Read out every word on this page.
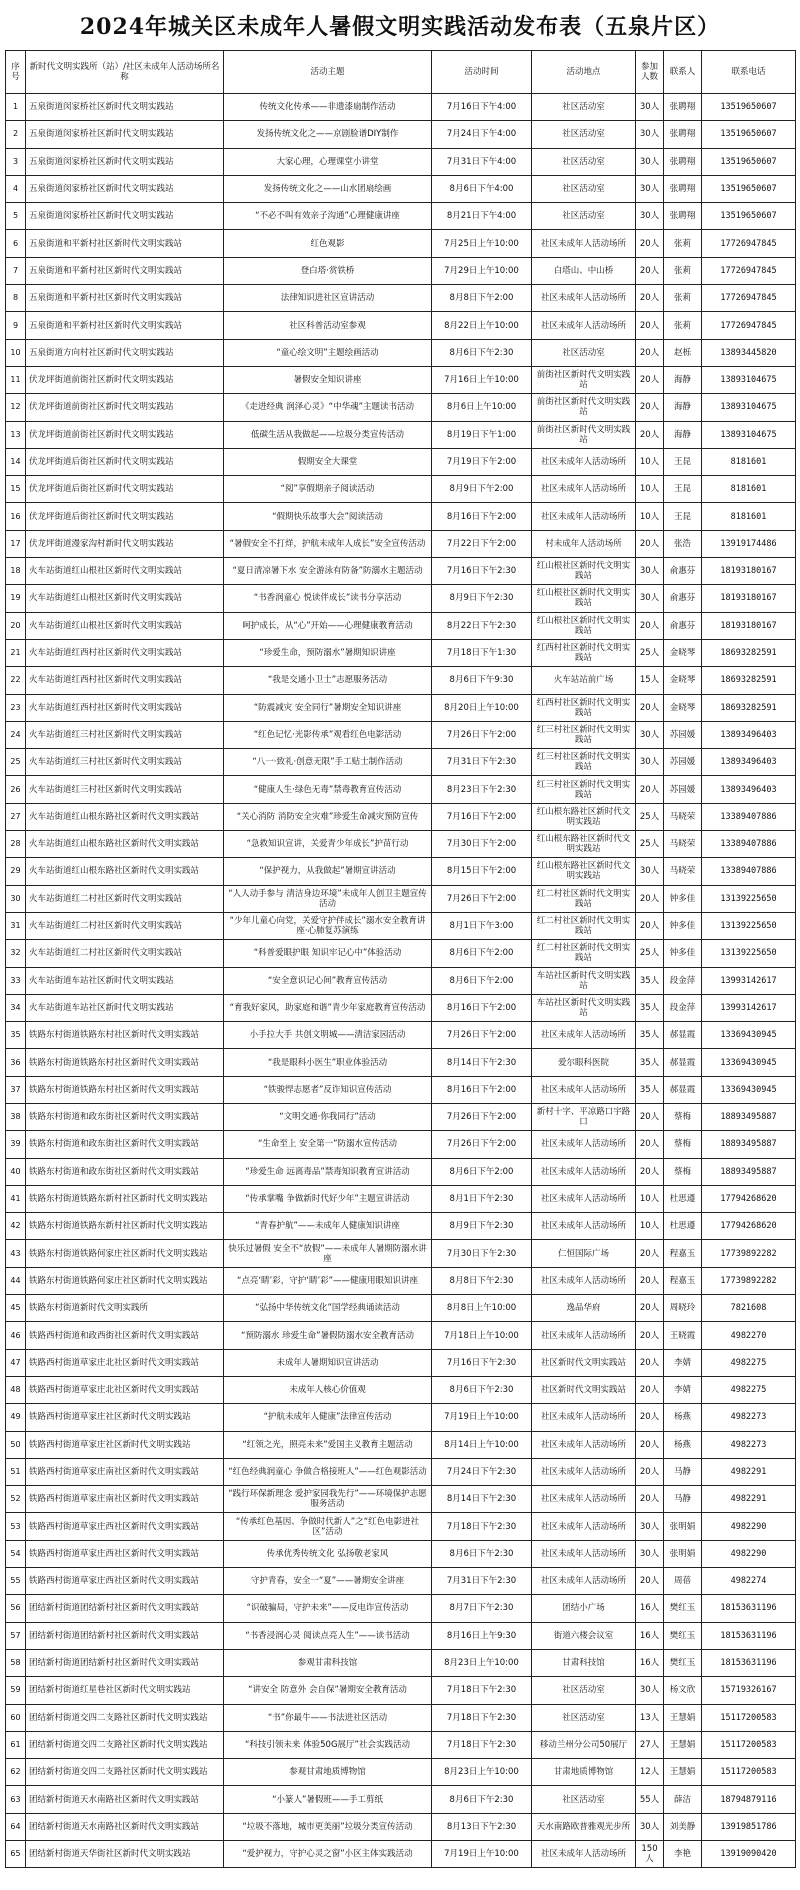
2024年城关区未成年人暑假文明实践活动发布表（五泉片区）
序号	新时代文明实践所（站）/社区未成年人活动场所名称	活动主题	活动时间	活动地点	参加人数	联系人	联系电话
1	五泉街道闵家桥社区新时代文明实践站	传统文化传承——非遗漆扇制作活动	7月16日下午4:00	社区活动室	30人	张聘翔	13519650607
2	五泉街道闵家桥社区新时代文明实践站	发扬传统文化之——京剧脸谱DIY制作	7月24日下午4:00	社区活动室	30人	张聘翔	13519650607
3	五泉街道闵家桥社区新时代文明实践站	大家心理，心理课堂小讲堂	7月31日下午4:00	社区活动室	30人	张聘翔	13519650607
4	五泉街道闵家桥社区新时代文明实践站	发扬传统文化之——山水团扇绘画	8月6日下午4:00	社区活动室	30人	张聘翔	13519650607
5	五泉街道闵家桥社区新时代文明实践站	“不必不叫有效亲子沟通”心理健康讲座	8月21日下午4:00	社区活动室	30人	张聘翔	13519650607
6	五泉街道和平新村社区新时代文明实践站	红色观影	7月25日上午10:00	社区未成年人活动场所	20人	张莉	17726947845
7	五泉街道和平新村社区新时代文明实践站	登白塔·赏铁桥	7月29日上午10:00	白塔山、中山桥	20人	张莉	17726947845
8	五泉街道和平新村社区新时代文明实践站	法律知识进社区宣讲活动	8月8日下午2:00	社区未成年人活动场所	20人	张莉	17726947845
9	五泉街道和平新村社区新时代文明实践站	社区科普活动室参观	8月22日上午10:00	社区未成年人活动场所	20人	张莉	17726947845
10	五泉街道方向村社区新时代文明实践站	“童心绘文明”主题绘画活动	8月6日下午2:30	社区活动室	20人	赵栎	13893445820
11	伏龙坪街道前街社区新时代文明实践站	暑假安全知识讲座	7月16日上午10:00	前街社区新时代文明实践站	20人	海静	13893104675
12	伏龙坪街道前街社区新时代文明实践站	《走进经典 润泽心灵》“中华魂”主题读书活动	8月6日上午10:00	前街社区新时代文明实践站	20人	海静	13893104675
13	伏龙坪街道前街社区新时代文明实践站	低碳生活从我做起——垃圾分类宣传活动	8月19日下午1:00	前街社区新时代文明实践站	20人	海静	13893104675
14	伏龙坪街道后街社区新时代文明实践站	假期安全大课堂	7月19日下午2:00	社区未成年人活动场所	10人	王昆	8181601
15	伏龙坪街道后街社区新时代文明实践站	“阅”享假期亲子阅读活动	8月9日下午2:00	社区未成年人活动场所	10人	王昆	8181601
16	伏龙坪街道后街社区新时代文明实践站	“假期快乐故事大会”阅读活动	8月16日下午2:00	社区未成年人活动场所	10人	王昆	8181601
17	伏龙坪街道漫家沟村新时代文明实践站	“暑假安全不打烊，护航未成年人成长”安全宣传活动	7月22日下午2:00	村未成年人活动场所	20人	张浩	13919174486
18	火车站街道红山根社区新时代文明实践站	“夏日清凉暑下水 安全游泳有防备”防溺水主题活动	7月16日下午2:30	红山根社区新时代文明实践站	30人	俞惠芬	18193180167
19	火车站街道红山根社区新时代文明实践站	“书香润童心 悦读伴成长”读书分享活动	8月9日下午2:30	红山根社区新时代文明实践站	30人	俞惠芬	18193180167
20	火车站街道红山根社区新时代文明实践站	呵护成长，从“心”开始——心理健康教育活动	8月22日下午2:30	红山根社区新时代文明实践站	20人	俞惠芬	18193180167
21	火车站街道红西村社区新时代文明实践站	“珍爱生命，预防溺水”暑期知识讲座	7月18日下午1:30	红西村社区新时代文明实践站	25人	金晓琴	18693282591
22	火车站街道红西村社区新时代文明实践站	“我是交通小卫士”志愿服务活动	8月6日下午9:30	火车站站前广场	15人	金晓琴	18693282591
23	火车站街道红西村社区新时代文明实践站	“防震减灾 安全同行”暑期安全知识讲座	8月20日上午10:00	红西村社区新时代文明实践站	20人	金晓琴	18693282591
24	火车站街道红三村社区新时代文明实践站	“红色记忆·光影传承”观看红色电影活动	7月26日下午2:00	红三村社区新时代文明实践站	30人	苏园媛	13893496403
25	火车站街道红三村社区新时代文明实践站	“八一·致礼·创意无限”手工贴士制作活动	7月31日下午2:30	红三村社区新时代文明实践站	30人	苏园媛	13893496403
26	火车站街道红三村社区新时代文明实践站	“健康人生·绿色无毒”禁毒教育宣传活动	8月23日下午2:30	红三村社区新时代文明实践站	20人	苏园媛	13893496403
27	火车站街道红山根东路社区新时代文明实践站	“关心消防 消防安全灾难”珍爱生命减灾预防宣传	7月16日下午2:00	红山根东路社区新时代文明实践站	25人	马晓荣	13389407886
28	火车站街道红山根东路社区新时代文明实践站	“急救知识宣讲，关爱青少年成长”护苗行动	7月30日下午2:00	红山根东路社区新时代文明实践站	25人	马晓荣	13389407886
29	火车站街道红山根东路社区新时代文明实践站	“保护视力，从我做起”暑期宣讲活动	8月15日下午2:00	红山根东路社区新时代文明实践站	30人	马晓荣	13389407886
30	火车站街道红二村社区新时代文明实践站	“人人动手参与 清洁身边环境”未成年人创卫主题宣传活动	7月26日下午2:00	红二村社区新时代文明实践站	20人	钟多佳	13139225650
31	火车站街道红二村社区新时代文明实践站	“少年儿童心向党，关爱守护伴成长”溺水安全教育讲座·心肺复苏演练	8月1日下午3:00	红二村社区新时代文明实践站	20人	钟多佳	13139225650
32	火车站街道红二村社区新时代文明实践站	“科普爱眼护眼 知识牢记心中”体验活动	8月6日下午2:00	红二村社区新时代文明实践站	25人	钟多佳	13139225650
33	火车站街道车站社区新时代文明实践站	“安全意识记心间”教育宣传活动	8月6日下午2:00	车站社区新时代文明实践站	35人	段金萍	13993142617
34	火车站街道车站社区新时代文明实践站	“育我好家风，助家庭和谐”青少年家庭教育宣传活动	8月16日下午2:00	车站社区新时代文明实践站	35人	段金萍	13993142617
35	铁路东村街道铁路东村社区新时代文明实践站	小手拉大手 共创文明城——清洁家园活动	7月26日下午2:00	社区未成年人活动场所	35人	郝显霞	13369430945
36	铁路东村街道铁路东村社区新时代文明实践站	“我是眼科小医生”职业体验活动	8月14日下午2:30	爱尔眼科医院	35人	郝显霞	13369430945
37	铁路东村街道铁路东村社区新时代文明实践站	“铁骏悍志愿者”反诈知识宣传活动	8月16日下午2:00	社区未成年人活动场所	35人	郝显霞	13369430945
38	铁路东村街道和政东街社区新时代文明实践站	“文明交通·你我同行”活动	7月26日下午2:00	新村十字、平凉路口宇路口	20人	蔡梅	18893495887
39	铁路东村街道和政东街社区新时代文明实践站	“生命至上 安全第一”防溺水宣传活动	7月26日下午2:00	社区未成年人活动场所	20人	蔡梅	18893495887
40	铁路东村街道和政东街社区新时代文明实践站	“珍爱生命 远离毒品”禁毒知识教育宣讲活动	8月6日下午2:00	社区未成年人活动场所	20人	蔡梅	18893495887
41	铁路东村街道铁路东新村社区新时代文明实践站	“传承掌嘴 争做新时代好少年”主题宣讲活动	8月1日下午2:30	社区未成年人活动场所	10人	杜思遵	17794268620
42	铁路东村街道铁路东新村社区新时代文明实践站	“青春护航”——未成年人健康知识讲座	8月9日下午2:30	社区未成年人活动场所	10人	杜思遵	17794268620
43	铁路东村街道铁路何家庄社区新时代文明实践站	快乐过暑假 安全不“放假”——未成年人暑期防溺水讲座	7月30日下午2:30	仁恒国际广场	20人	程嘉玉	17739892282
44	铁路东村街道铁路何家庄社区新时代文明实践站	“点亮‘睛’彩，守护‘睛’彩”——健康用眼知识讲座	8月8日下午2:30	社区未成年人活动场所	20人	程嘉玉	17739892282
45	铁路东村街道新时代文明实践所	“弘扬中华传统文化”国学经典诵读活动	8月8日上午10:00	逸品华府	20人	周晓玲	7821608
46	铁路西村街道和政西街社区新时代文明实践站	“预防溺水 珍爱生命”暑假防溺水安全教育活动	7月18日上午10:00	社区未成年人活动场所	20人	王晓霞	4982270
47	铁路西村街道草家庄北社区新时代文明实践站	未成年人暑期知识宣讲活动	7月16日下午2:30	社区新时代文明实践站	20人	李婧	4982275
48	铁路西村街道草家庄北社区新时代文明实践站	未成年人核心价值观	8月6日下午2:30	社区新时代文明实践站	20人	李婧	4982275
49	铁路西村街道草家庄社区新时代文明实践站	“护航未成年人健康”法律宣传活动	7月19日上午10:00	社区未成年人活动场所	20人	杨燕	4982273
50	铁路西村街道草家庄社区新时代文明实践站	“红领之光，照亮未来”爱国主义教育主题活动	8月14日上午10:00	社区未成年人活动场所	20人	杨燕	4982273
51	铁路西村街道草家庄南社区新时代文明实践站	“红色经典润童心 争做合格接班人”——红色观影活动	7月24日下午2:30	社区未成年人活动场所	20人	马静	4982291
52	铁路西村街道草家庄南社区新时代文明实践站	“践行环保新理念 爱护家园我先行”——环境保护志愿服务活动	8月14日下午2:30	社区未成年人活动场所	20人	马静	4982291
53	铁路西村街道草家庄西社区新时代文明实践站	“传承红色基因、争做时代新人”之“红色电影进社区”活动	7月18日下午2:30	社区未成年人活动场所	30人	张明娟	4982290
54	铁路西村街道草家庄西社区新时代文明实践站	传承优秀传统文化 弘扬敬老家风	8月6日下午2:30	社区未成年人活动场所	30人	张明娟	4982290
55	铁路西村街道草家庄西社区新时代文明实践站	守护青春，安全一“夏”——暑期安全讲座	7月31日下午2:30	社区未成年人活动场所	20人	周蓓	4982274
56	团结新村街道团结新村社区新时代文明实践站	“识破骗局，守护未来”——反电诈宣传活动	8月7日下午2:30	团结小广场	16人	樊红玉	18153631196
57	团结新村街道团结新村社区新时代文明实践站	“书香浸润心灵 阅读点亮人生”——读书活动	8月16日上午9:30	街道六楼会议室	16人	樊红玉	18153631196
58	团结新村街道团结新村社区新时代文明实践站	参观甘肃科技馆	8月23日上午10:00	甘肃科技馆	16人	樊红玉	18153631196
59	团结新村街道红星巷社区新时代文明实践站	“讲安全 防意外 会自保”暑期安全教育活动	7月18日下午2:30	社区活动室	30人	杨文欣	15719326167
60	团结新村街道交四二支路社区新时代文明实践站	“书”你最牛——书法进社区活动	7月18日下午2:30	社区活动室	13人	王慧娟	15117200583
61	团结新村街道交四二支路社区新时代文明实践站	“科技引领未来 体验50G展厅”社会实践活动	7月18日下午2:30	移动兰州分公司50展厅	27人	王慧娟	15117200583
62	团结新村街道交四二支路社区新时代文明实践站	参观甘肃地质博物馆	8月23日上午10:00	甘肃地质博物馆	12人	王慧娟	15117200583
63	团结新村街道天水南路社区新时代文明实践站	“小篆人”暑假班——手工剪纸	8月6日下午2:30	社区活动室	55人	薛洁	18794879116
64	团结新村街道天水南路社区新时代文明实践站	“垃圾不落地，城市更美丽”垃圾分类宣传活动	8月13日下午2:30	天水南路欧普雅观光步所	30人	刘美静	13919851786
65	团结新村街道天华街社区新时代文明实践站	“爱护视力，守护心灵之窗”小区主体实践活动	7月19日上午10:00	社区未成年人活动场所	150人	李艳	13919090420
